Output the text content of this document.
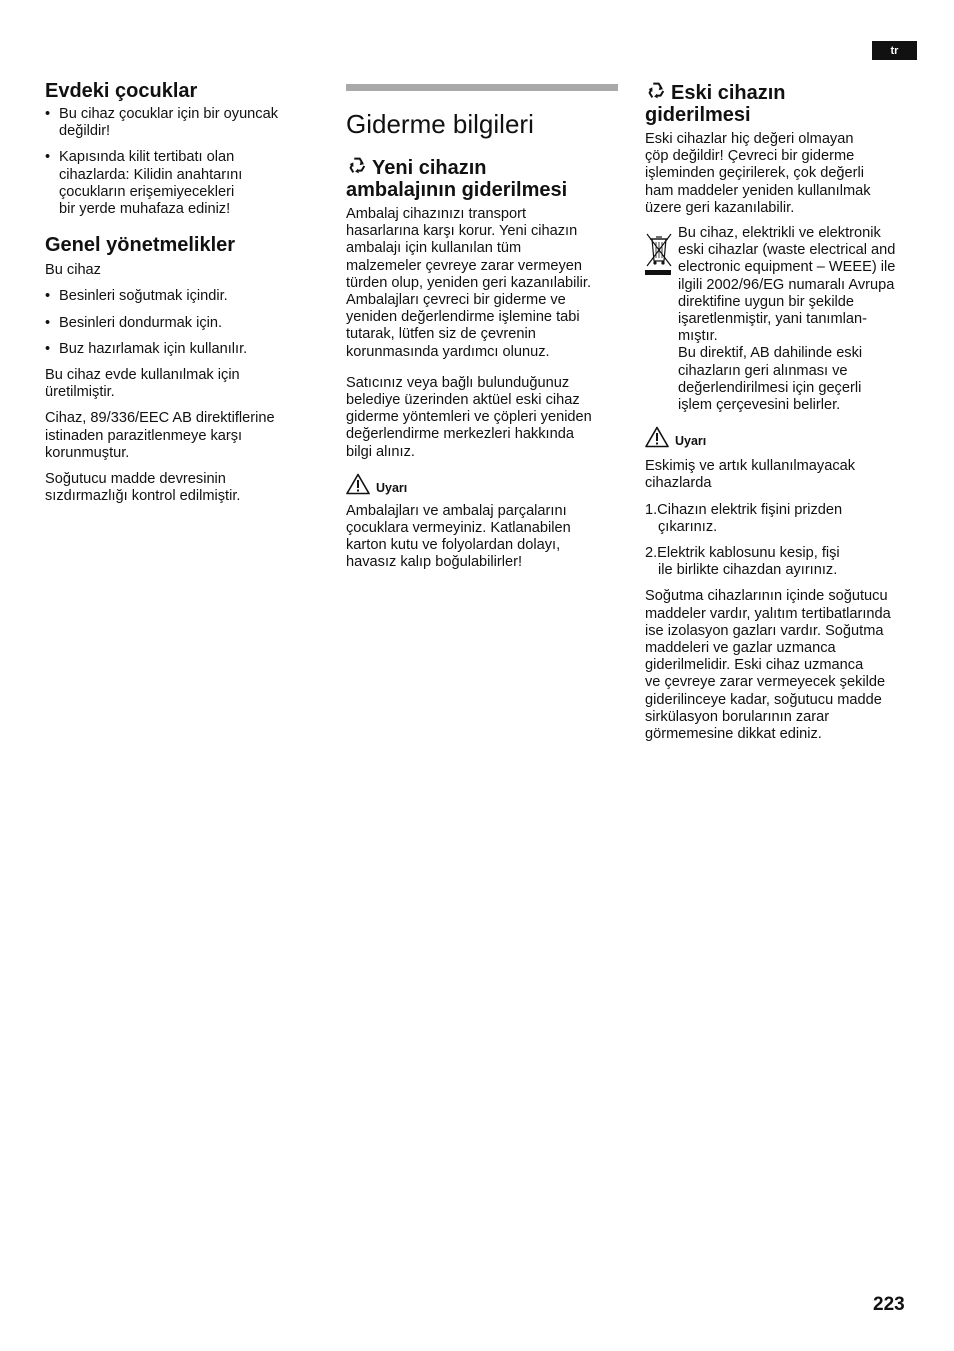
tr
Evdeki çocuklar
• Bu cihaz çocuklar için bir oyuncak
değildir!
• Kapısında kilit tertibatı olan
cihazlarda: Kilidin anahtarını
çocukların erişemiyecekleri
bir yerde muhafaza ediniz!
Genel yönetmelikler

Bu cihaz

• Besinleri soğutmak içindir.
• Besinleri dondurmak için.
• Buz hazırlamak için kullanılır.

Bu cihaz evde kullanılmak için
üretilmiştir.

Cihaz, 89/336/EEC AB direktiflerine
istinaden parazitlenmeye karşı
korunmuştur.

Soğutucu madde devresinin
sızdırmazlığı kontrol edilmiştir.

Giderme bilgileri
Yeni cihazın
ambalajının giderilmesi

Ambalaj cihazınızı transport
hasarlarına karşı korur. Yeni cihazın
ambalajı için kullanılan tüm
malzemeler çevreye zarar vermeyen
türden olup, yeniden geri kazanılabilir.
Ambalajları çevreci bir giderme ve
yeniden değerlendirme işlemine tabi
tutarak, lütfen siz de çevrenin
korunmasında yardımcı olunuz.

Satıcınız veya bağlı bulunduğunuz
belediye üzerinden aktüel eski cihaz
giderme yöntemleri ve çöpleri yeniden
değerlendirme merkezleri hakkında
bilgi alınız.

Uyarı

Ambalajları ve ambalaj parçalarını
çocuklara vermeyiniz. Katlanabilen
karton kutu ve folyolardan dolayı,
havasız kalıp boğulabilirler!

Eski cihazın
giderilmesi

Eski cihazlar hiç değeri olmayan
çöp değildir! Çevreci bir giderme
işleminden geçirilerek, çok değerli
ham maddeler yeniden kullanılmak
üzere geri kazanılabilir.

Bu cihaz, elektrikli ve elektronik
eski cihazlar (waste electrical and
electronic equipment – WEEE) ile
ilgili 2002/96/EG numaralı Avrupa
direktifine uygun bir şekilde
işaretlenmiştir, yani tanımlan-
mıştır.
Bu direktif, AB dahilinde eski
cihazların geri alınması ve
değerlendirilmesi için geçerli
işlem çerçevesini belirler.

Uyarı

Eskimiş ve artık kullanılmayacak
cihazlarda

1.Cihazın elektrik fişini prizden
çıkarınız.
2.Elektrik kablosunu kesip, fişi
ile birlikte cihazdan ayırınız.

Soğutma cihazlarının içinde soğutucu
maddeler vardır, yalıtım tertibatlarında
ise izolasyon gazları vardır. Soğutma
maddeleri ve gazlar uzmanca
giderilmelidir. Eski cihaz uzmanca
ve çevreye zarar vermeyecek şekilde
giderilinceye kadar, soğutucu madde
sirkülasyon borularının zarar
görmemesine dikkat ediniz.

223
